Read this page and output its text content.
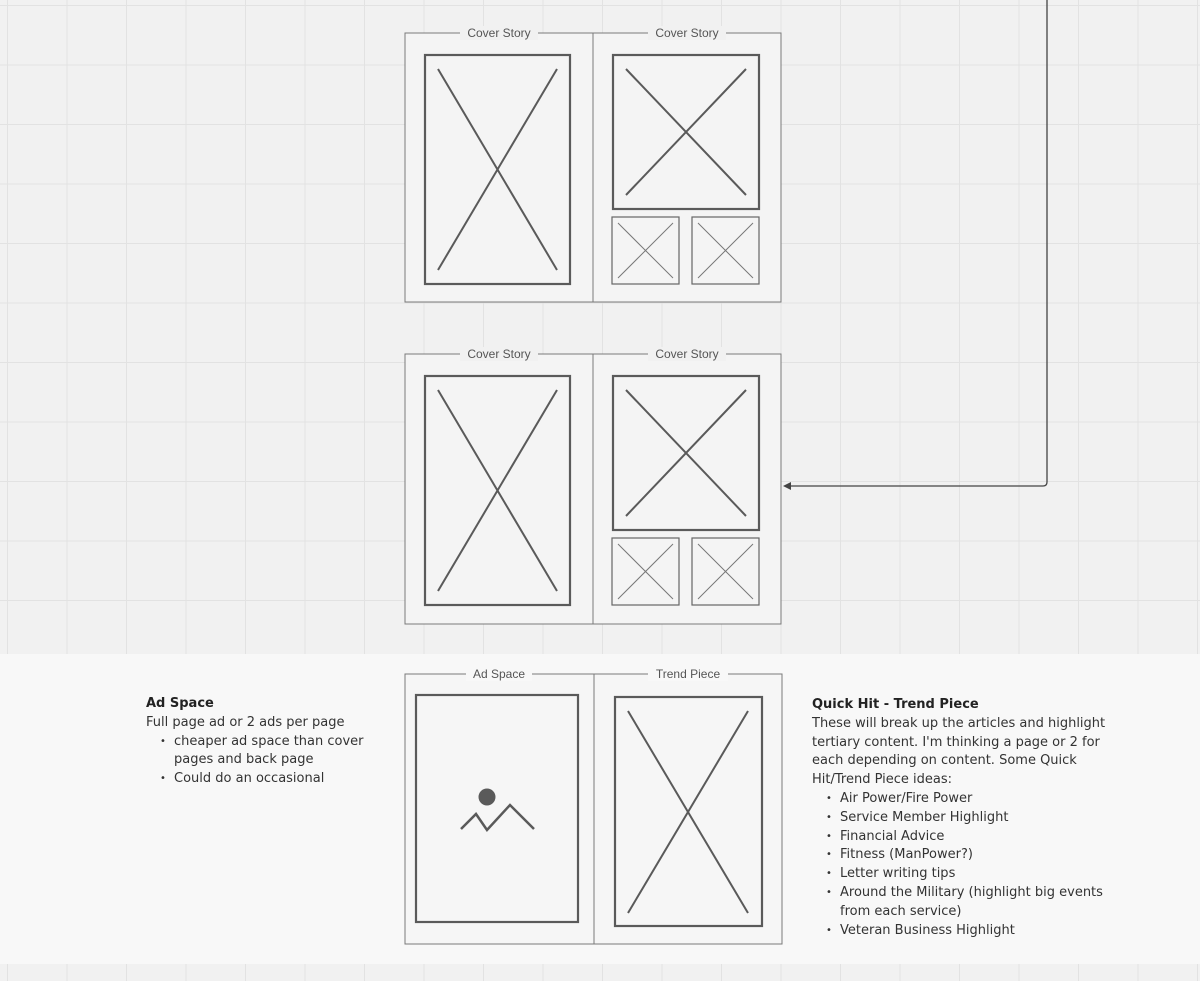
Cover Story	Cover Story
Cover Story	Cover Story
Ad Space	Trend Piece
Ad Space
Full page ad or 2 ads per page
• cheaper ad space than cover pages and back page
• Could do an occasional
Quick Hit - Trend Piece
These will break up the articles and highlight tertiary content. I'm thinking a page or 2 for each depending on content. Some Quick Hit/Trend Piece ideas:
• Air Power/Fire Power
• Service Member Highlight
• Financial Advice
• Fitness (ManPower?)
• Letter writing tips
• Around the Military (highlight big events from each service)
• Veteran Business Highlight
